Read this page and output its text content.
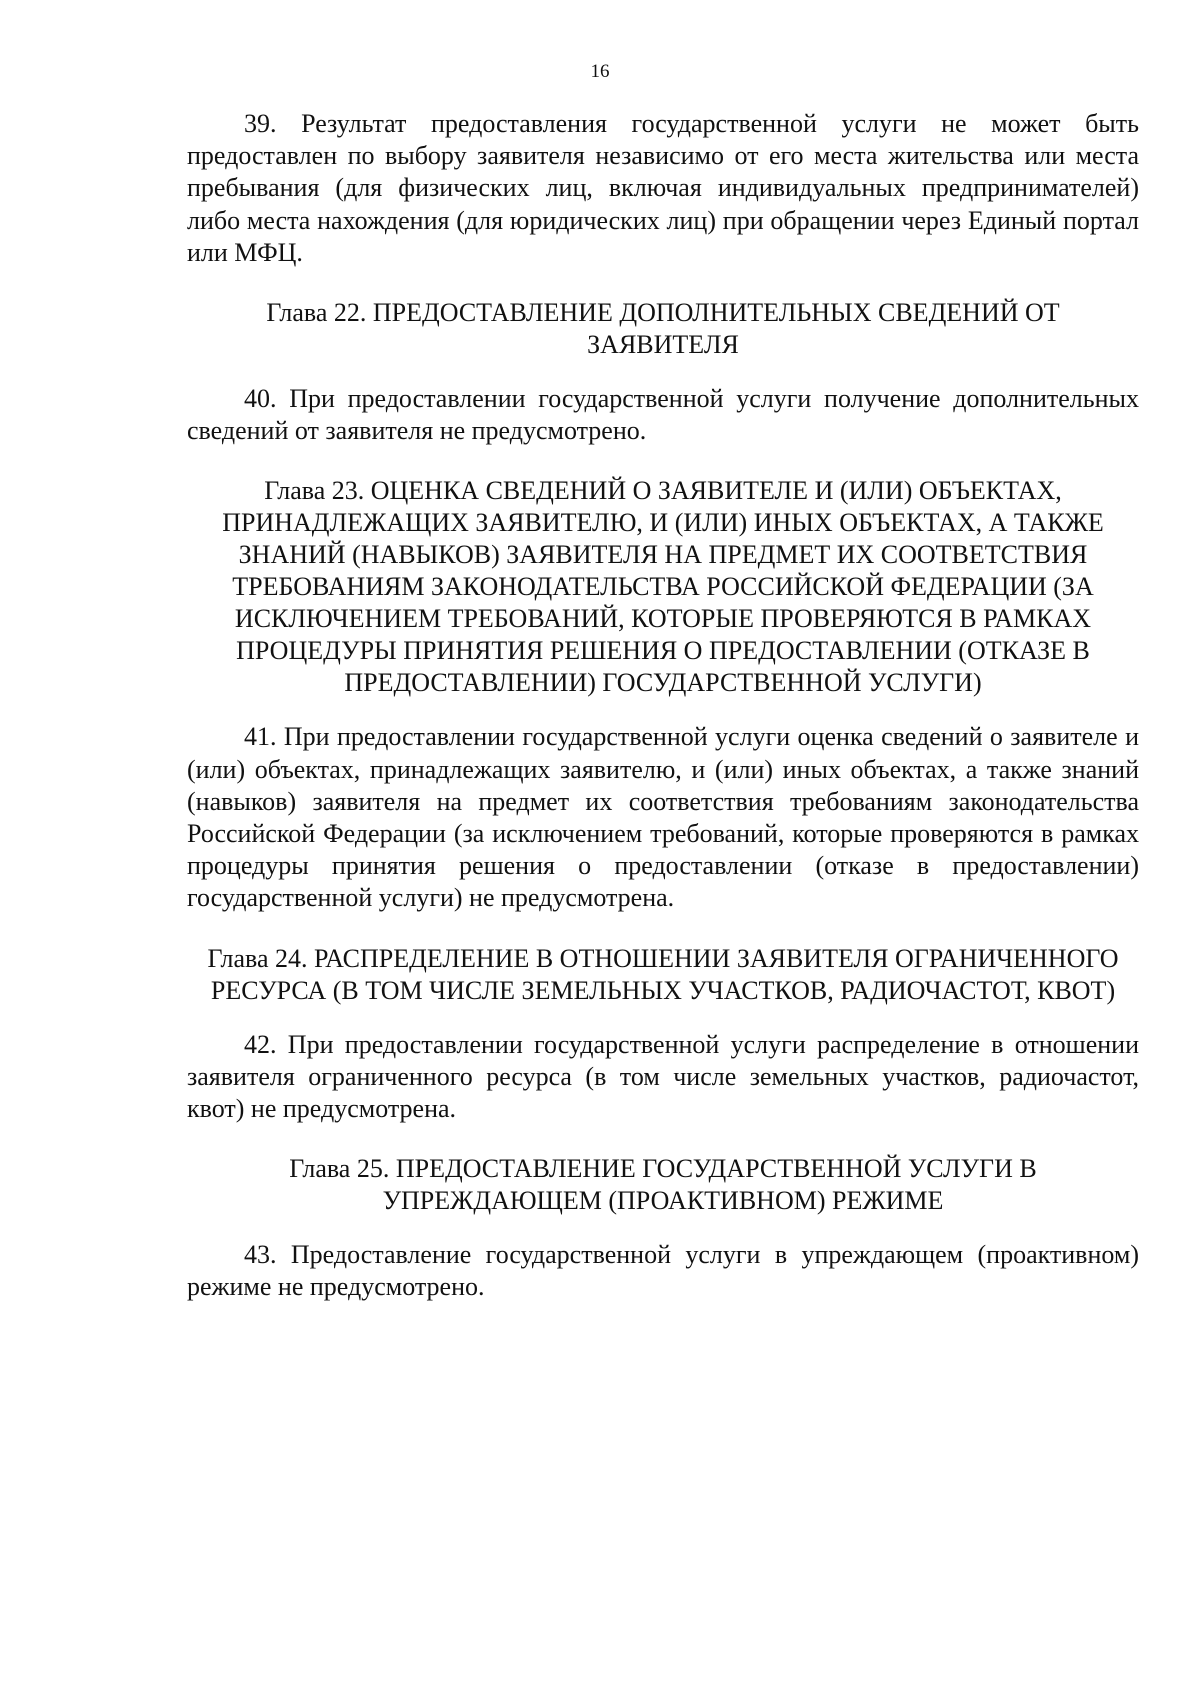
16

39. Результат предоставления государственной услуги не может быть предоставлен по выбору заявителя независимо от его места жительства или места пребывания (для физических лиц, включая индивидуальных предпринимателей) либо места нахождения (для юридических лиц) при обращении через Единый портал или МФЦ.

Глава 22. ПРЕДОСТАВЛЕНИЕ ДОПОЛНИТЕЛЬНЫХ СВЕДЕНИЙ ОТ ЗАЯВИТЕЛЯ

40. При предоставлении государственной услуги получение дополнительных сведений от заявителя не предусмотрено.

Глава 23. ОЦЕНКА СВЕДЕНИЙ О ЗАЯВИТЕЛЕ И (ИЛИ) ОБЪЕКТАХ, ПРИНАДЛЕЖАЩИХ ЗАЯВИТЕЛЮ, И (ИЛИ) ИНЫХ ОБЪЕКТАХ, А ТАКЖЕ ЗНАНИЙ (НАВЫКОВ) ЗАЯВИТЕЛЯ НА ПРЕДМЕТ ИХ СООТВЕТСТВИЯ ТРЕБОВАНИЯМ ЗАКОНОДАТЕЛЬСТВА РОССИЙСКОЙ ФЕДЕРАЦИИ (ЗА ИСКЛЮЧЕНИЕМ ТРЕБОВАНИЙ, КОТОРЫЕ ПРОВЕРЯЮТСЯ В РАМКАХ ПРОЦЕДУРЫ ПРИНЯТИЯ РЕШЕНИЯ О ПРЕДОСТАВЛЕНИИ (ОТКАЗЕ В ПРЕДОСТАВЛЕНИИ) ГОСУДАРСТВЕННОЙ УСЛУГИ)

41. При предоставлении государственной услуги оценка сведений о заявителе и (или) объектах, принадлежащих заявителю, и (или) иных объектах, а также знаний (навыков) заявителя на предмет их соответствия требованиям законодательства Российской Федерации (за исключением требований, которые проверяются в рамках процедуры принятия решения о предоставлении (отказе в предоставлении) государственной услуги) не предусмотрена.

Глава 24. РАСПРЕДЕЛЕНИЕ В ОТНОШЕНИИ ЗАЯВИТЕЛЯ ОГРАНИЧЕННОГО РЕСУРСА (В ТОМ ЧИСЛЕ ЗЕМЕЛЬНЫХ УЧАСТКОВ, РАДИОЧАСТОТ, КВОТ)

42. При предоставлении государственной услуги распределение в отношении заявителя ограниченного ресурса (в том числе земельных участков, радиочастот, квот) не предусмотрена.

Глава 25. ПРЕДОСТАВЛЕНИЕ ГОСУДАРСТВЕННОЙ УСЛУГИ В УПРЕЖДАЮЩЕМ (ПРОАКТИВНОМ) РЕЖИМЕ

43. Предоставление государственной услуги в упреждающем (проактивном) режиме не предусмотрено.
